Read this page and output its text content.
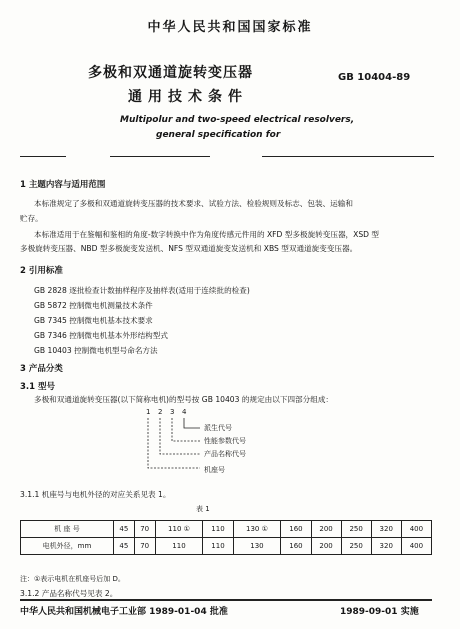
中华人民共和国国家标准
多极和双通道旋转变压器
通用技术条件
GB 10404-89
Multipolur and two-speed electrical resolvers,
general specification for
1 主题内容与适用范围
本标准规定了多极和双通道旋转变压器的技术要求、试验方法、检验规则及标志、包装、运输和
贮存。
本标准适用于在鉴幅和鉴相的角度-数字转换中作为角度传感元件用的 XFD 型多极旋转变压器，XSD 型
多极旋转变压器、NBD 型多极旋变发送机、NFS 型双通道旋变发送机和 XBS 型双通道旋变变压器。
2 引用标准
GB 2828 逐批检查计数抽样程序及抽样表(适用于连续批的检查)
GB 5872 控制微电机测量技术条件
GB 7345 控制微电机基本技术要求
GB 7346 控制微电机基本外形结构型式
GB 10403 控制微电机型号命名方法
3 产品分类
3.1 型号
多极和双通道旋转变压器(以下简称电机)的型号按 GB 10403 的规定由以下四部分组成：
1 2 3 4
派生代号
性能参数代号
产品名称代号
机座号
3.1.1 机座号与电机外径的对应关系见表 1。
表 1
机 座 号	45	70	110 ①	110	130 ①	160	200	250	320	400
电机外径，mm	45	70	110	110	130	160	200	250	320	400
注：①表示电机在机座号后加 D。
3.1.2 产品名称代号见表 2。
中华人民共和国机械电子工业部 1989-01-04 批准	1989-09-01 实施
